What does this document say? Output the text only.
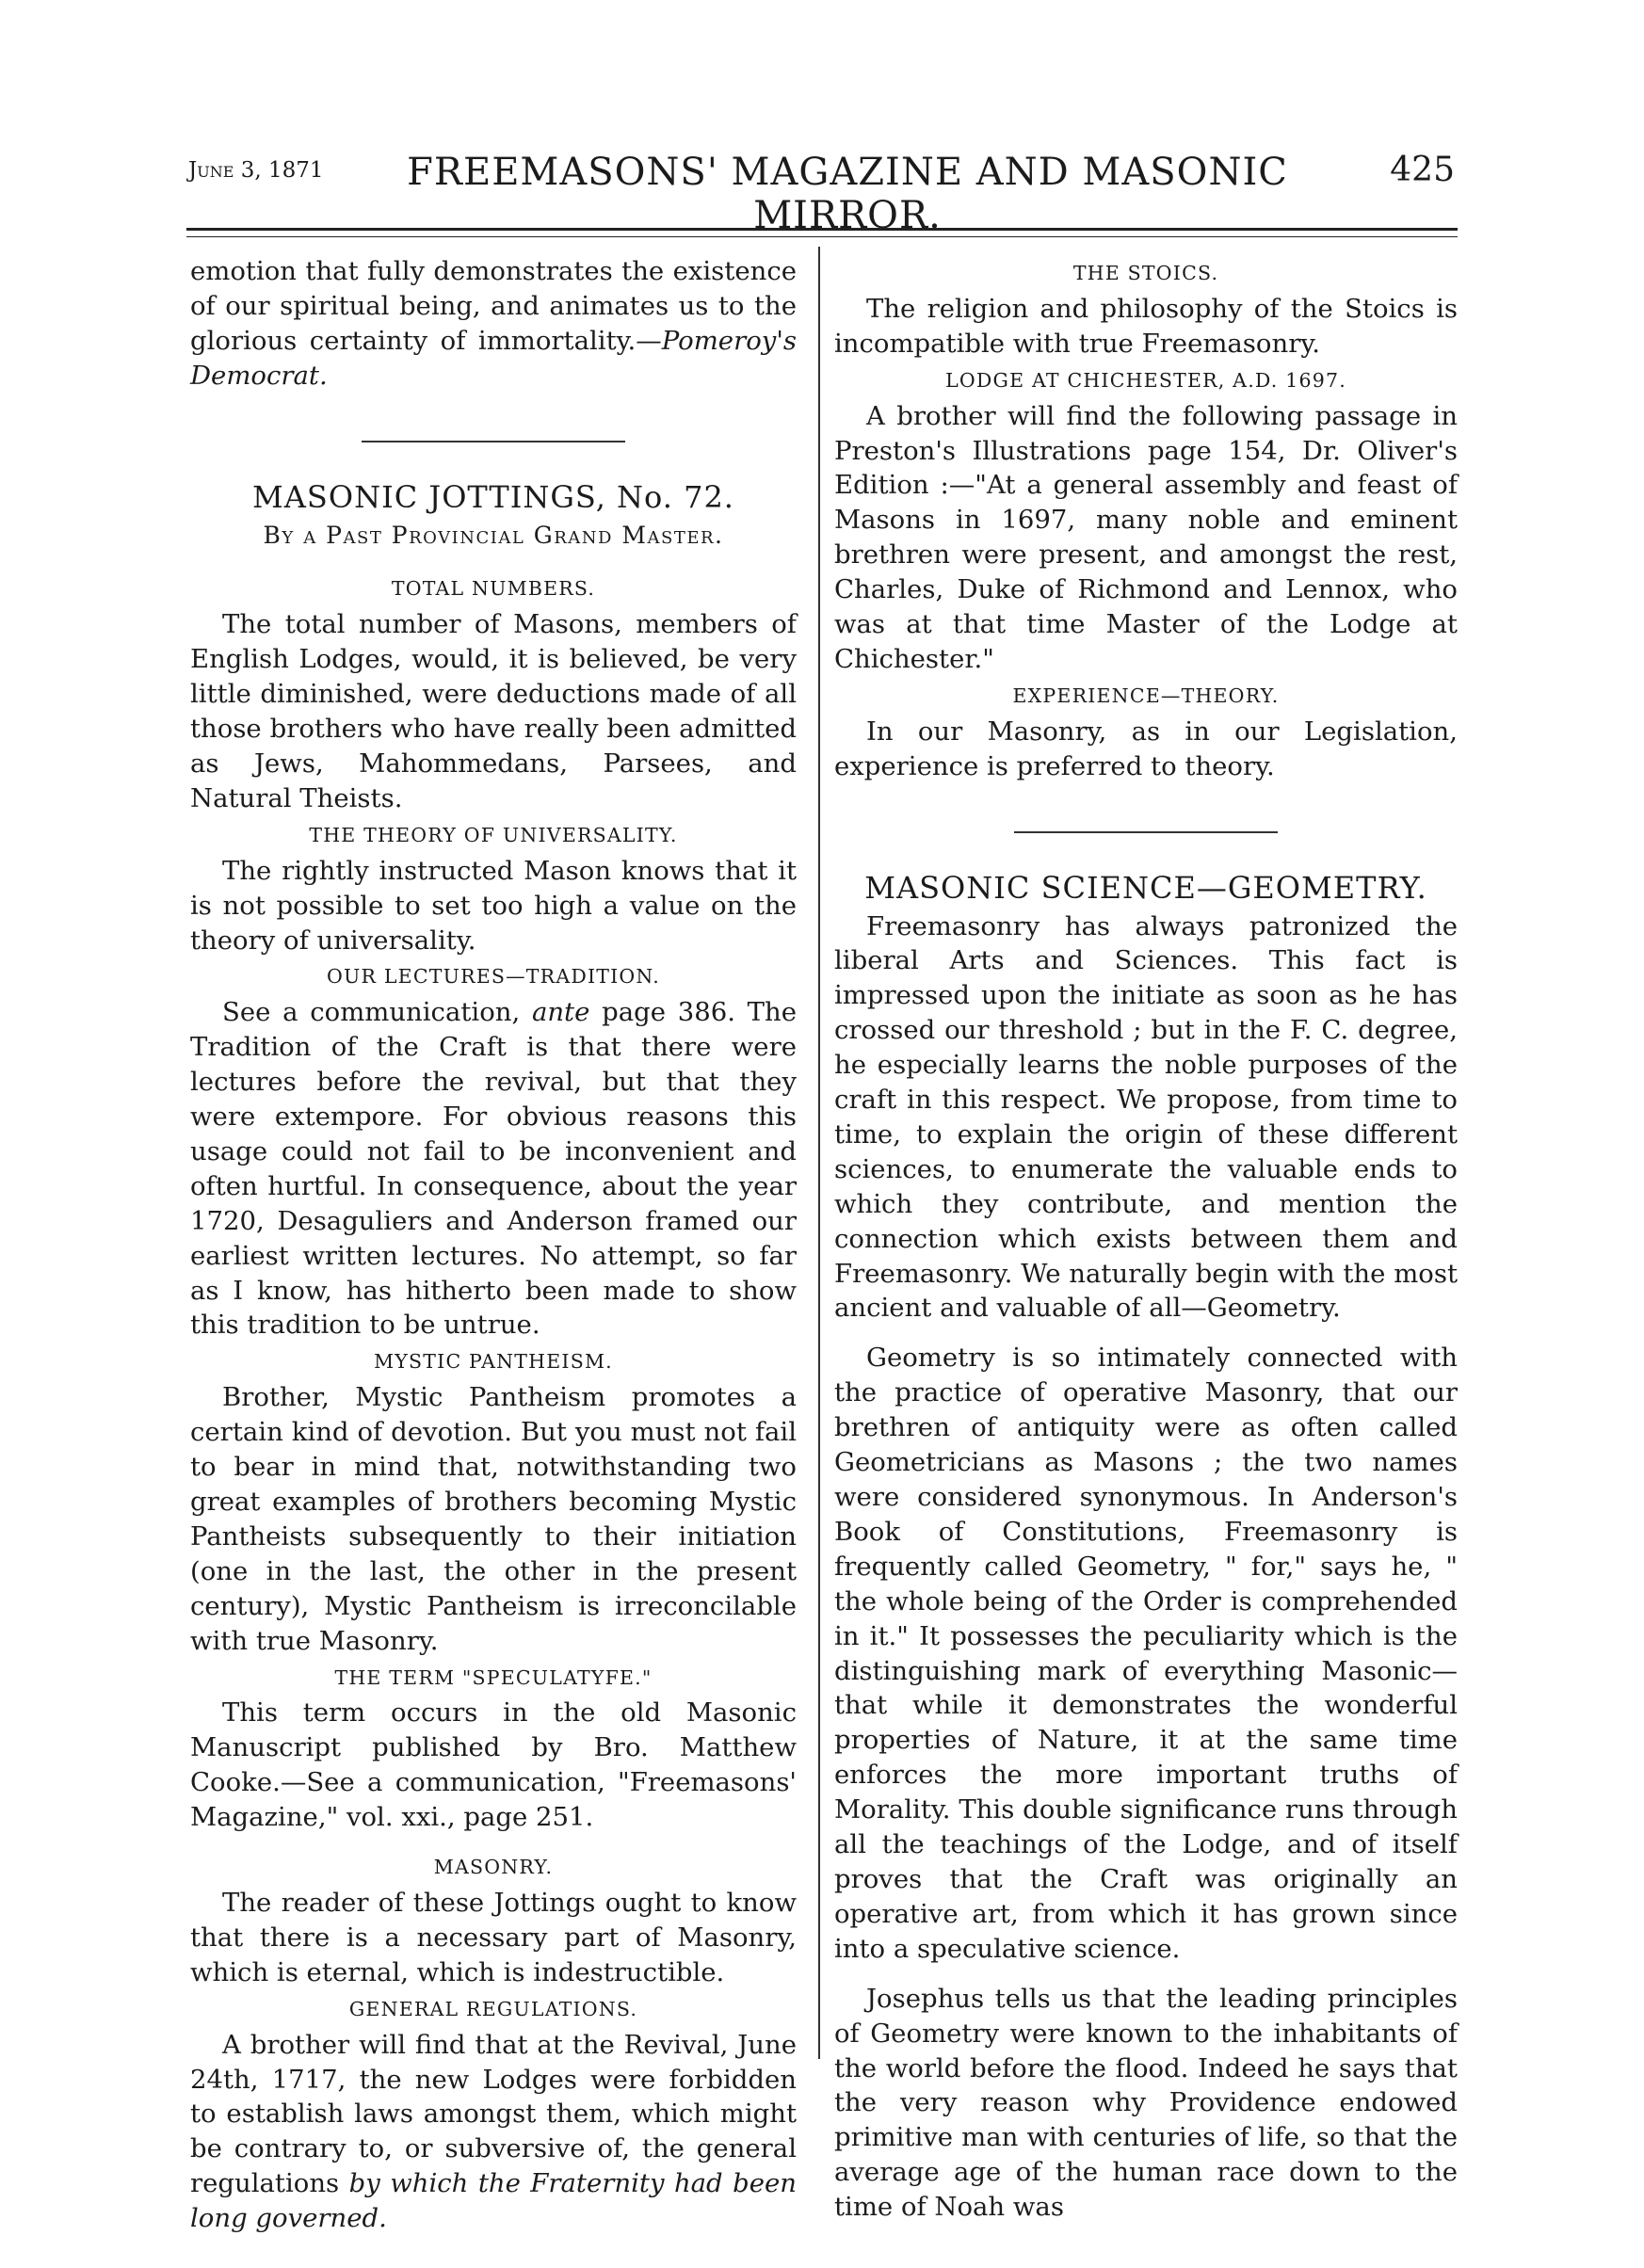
June 3, 1871	FREEMASONS' MAGAZINE AND MASONIC MIRROR.
425

emotion that fully demonstrates the existence of our spiritual being, and animates us to the glorious certainty of immortality.—Pomeroy's Democrat.

MASONIC JOTTINGS, No. 72.
By a Past Provincial Grand Master.
TOTAL NUMBERS.

The total number of Masons, members of English Lodges, would, it is believed, be very little diminished, were deductions made of all those brothers who have really been admitted as Jews, Mahommedans, Parsees, and Natural Theists.

THE THEORY OF UNIVERSALITY.

The rightly instructed Mason knows that it is not possible to set too high a value on the theory of universality.

OUR LECTURES—TRADITION.

See a communication, ante page 386. The Tradition of the Craft is that there were lectures before the revival, but that they were extempore. For obvious reasons this usage could not fail to be inconvenient and often hurtful. In consequence, about the year 1720, Desaguliers and Anderson framed our earliest written lectures. No attempt, so far as I know, has hitherto been made to show this tradition to be untrue.

MYSTIC PANTHEISM.

Brother, Mystic Pantheism promotes a certain kind of devotion. But you must not fail to bear in mind that, notwithstanding two great examples of brothers becoming Mystic Pantheists subsequently to their initiation (one in the last, the other in the present century), Mystic Pantheism is irreconcilable with true Masonry.

THE TERM "SPECULATYFE."

This term occurs in the old Masonic Manuscript published by Bro. Matthew Cooke.—See a communication, "Freemasons' Magazine," vol. xxi., page 251.

MASONRY.

The reader of these Jottings ought to know that there is a necessary part of Masonry, which is eternal, which is indestructible.

GENERAL REGULATIONS.

A brother will find that at the Revival, June 24th, 1717, the new Lodges were forbidden to establish laws amongst them, which might be contrary to, or subversive of, the general regulations by which the Fraternity had been long governed.

THE STOICS.

The religion and philosophy of the Stoics is incompatible with true Freemasonry.

LODGE AT CHICHESTER, A.D. 1697.

A brother will find the following passage in Preston's Illustrations page 154, Dr. Oliver's Edition :—"At a general assembly and feast of Masons in 1697, many noble and eminent brethren were present, and amongst the rest, Charles, Duke of Richmond and Lennox, who was at that time Master of the Lodge at Chichester."

EXPERIENCE—THEORY.

In our Masonry, as in our Legislation, experience is preferred to theory.

MASONIC SCIENCE—GEOMETRY.

Freemasonry has always patronized the liberal Arts and Sciences. This fact is impressed upon the initiate as soon as he has crossed our threshold ; but in the F. C. degree, he especially learns the noble purposes of the craft in this respect. We propose, from time to time, to explain the origin of these different sciences, to enumerate the valuable ends to which they contribute, and mention the connection which exists between them and Freemasonry. We naturally begin with the most ancient and valuable of all—Geometry.

Geometry is so intimately connected with the practice of operative Masonry, that our brethren of antiquity were as often called Geometricians as Masons ; the two names were considered synonymous. In Anderson's Book of Constitutions, Freemasonry is frequently called Geometry, " for," says he, " the whole being of the Order is comprehended in it." It possesses the peculiarity which is the distinguishing mark of everything Masonic—that while it demonstrates the wonderful properties of Nature, it at the same time enforces the more important truths of Morality. This double significance runs through all the teachings of the Lodge, and of itself proves that the Craft was originally an operative art, from which it has grown since into a speculative science.

Josephus tells us that the leading principles of Geometry were known to the inhabitants of the world before the flood. Indeed he says that the very reason why Providence endowed primitive man with centuries of life, so that the average age of the human race down to the time of Noah was
